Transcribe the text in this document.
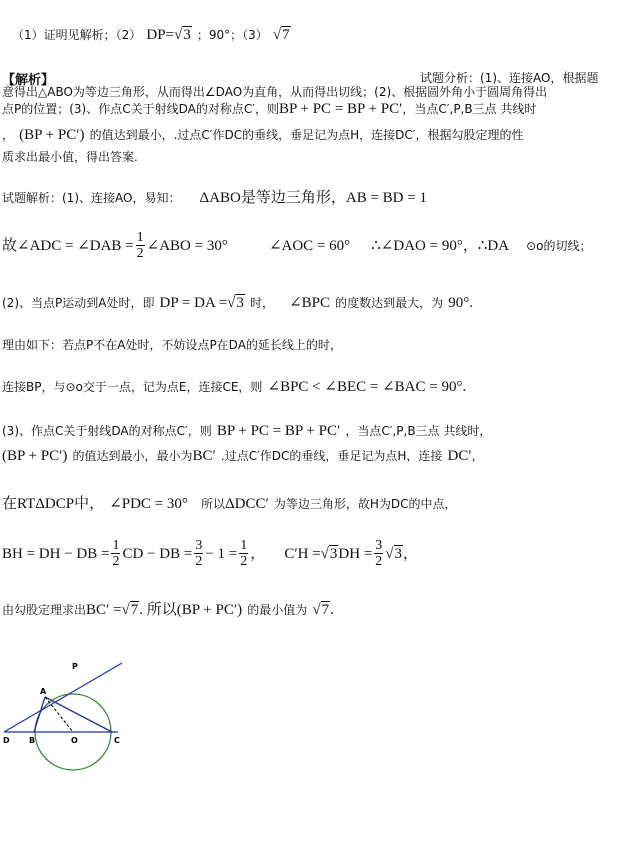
（1）证明见解析；（2） DP=√3 ；90°；（3） √7
【解析】	试题分析：(1)、连接AO，根据题
意得出△ABO为等边三角形，从而得出∠DAO为直角，从而得出切线；(2)、根据圆外角小于圆周角得出
点P的位置；(3)、作点C关于射线DA的对称点C′，则BP + PC = BP + PC′，当点C′,P,B三点 共线时
， (BP + PC′) 的值达到最小，.过点C′作DC的垂线，垂足记为点H，连接DC′，根据勾股定理的性
质求出最小值，得出答案.
试题解析：(1)、连接AO，易知： ΔABO是等边三角形，AB = BD = 1
故∠ADC = ∠DAB = $\frac{1}{2}$ ∠ABO = 30°	∠AOC = 60° ∴∠DAO = 90°，∴DA ⊙o的切线；
(2)、当点P运动到A处时，即 DP = DA =√3 时， ∠BPC 的度数达到最大，为 90°.
理由如下：若点P不在A处时，不妨设点P在DA的延长线上的时，
连接BP，与⊙o交于一点，记为点E，连接CE，则 ∠BPC < ∠BEC = ∠BAC = 90°.
(3)、作点C关于射线DA的对称点C′，则 BP + PC = BP + PC′ ，当点C′,P,B三点 共线时，
(BP + PC′) 的值达到最小，最小为BC′ .过点C′作DC的垂线，垂足记为点H，连接 DC′，
在RTΔDCP中， ∠PDC = 30° 所以ΔDCC′ 为等边三角形，故H为DC的中点，
BH = DH − DB = $\frac{1}{2}$ CD − DB = $\frac{3}{2} - 1 = \frac{1}{2}$ ， $C'H =√3DH = \frac{3}{2} √3$，
由勾股定理求出BC′ =√7. 所以(BP + PC′) 的最小值为 √7.
P
A
D B	O	C
